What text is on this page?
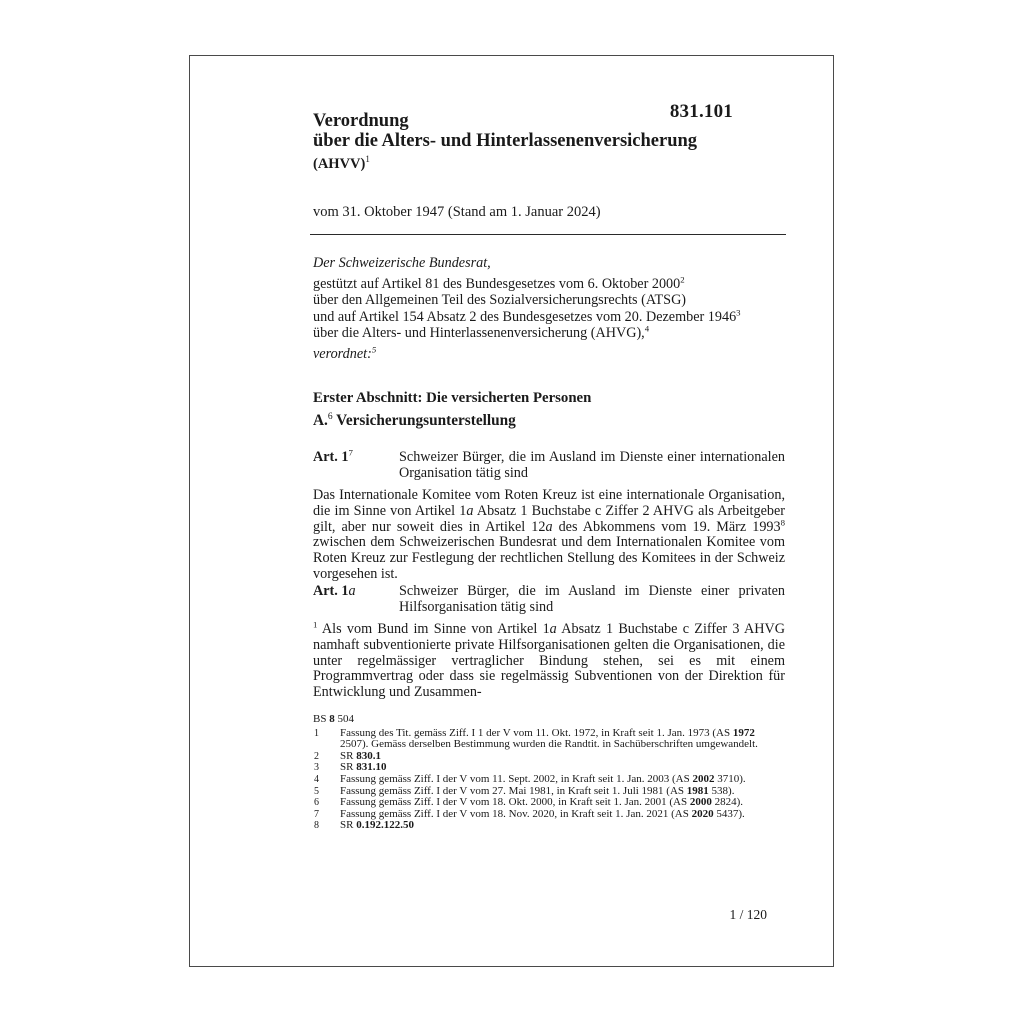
831.101
Verordnung
über die Alters- und Hinterlassenenversicherung
(AHVV)$^1$
vom 31. Oktober 1947 (Stand am 1. Januar 2024)
Der Schweizerische Bundesrat,
gestützt auf Artikel 81 des Bundesgesetzes vom 6. Oktober 2000$^2$
über den Allgemeinen Teil des Sozialversicherungsrechts (ATSG)
und auf Artikel 154 Absatz 2 des Bundesgesetzes vom 20. Dezember 1946$^3$
über die Alters- und Hinterlassenenversicherung (AHVG),$^4$
verordnet:$^5$
Erster Abschnitt: Die versicherten Personen
A.$^6$ Versicherungsunterstellung
Art. $1^7$	Schweizer Bürger, die im Ausland im Dienste einer internationalen Organisation tätig sind
Das Internationale Komitee vom Roten Kreuz ist eine internationale Organisation, die im Sinne von Artikel 1a Absatz 1 Buchstabe c Ziffer 2 AHVG als Arbeitgeber gilt, aber nur soweit dies in Artikel 12a des Abkommens vom 19. März 1993$^8$ zwischen dem Schweizerischen Bundesrat und dem Internationalen Komitee vom Roten Kreuz zur Festlegung der rechtlichen Stellung des Komitees in der Schweiz vorgesehen ist.
Art. 1a	Schweizer Bürger, die im Ausland im Dienste einer privaten Hilfsorganisation tätig sind
$^1$ Als vom Bund im Sinne von Artikel 1a Absatz 1 Buchstabe c Ziffer 3 AHVG namhaft subventionierte private Hilfsorganisationen gelten die Organisationen, die unter regelmässiger vertraglicher Bindung stehen, sei es mit einem Programmvertrag oder dass sie regelmässig Subventionen von der Direktion für Entwicklung und Zusammen-
BS 8 504
1	Fassung des Tit. gemäss Ziff. I 1 der V vom 11. Okt. 1972, in Kraft seit 1. Jan. 1973 (AS 1972 2507). Gemäss derselben Bestimmung wurden die Randtit. in Sachüberschriften umgewandelt.
2	SR 830.1
3	SR 831.10
4	Fassung gemäss Ziff. I der V vom 11. Sept. 2002, in Kraft seit 1. Jan. 2003 (AS 2002 3710).
5	Fassung gemäss Ziff. I der V vom 27. Mai 1981, in Kraft seit 1. Juli 1981 (AS 1981 538).
6	Fassung gemäss Ziff. I der V vom 18. Okt. 2000, in Kraft seit 1. Jan. 2001 (AS 2000 2824).
7	Fassung gemäss Ziff. I der V vom 18. Nov. 2020, in Kraft seit 1. Jan. 2021 (AS 2020 5437).
8	SR 0.192.122.50
1 / 120
